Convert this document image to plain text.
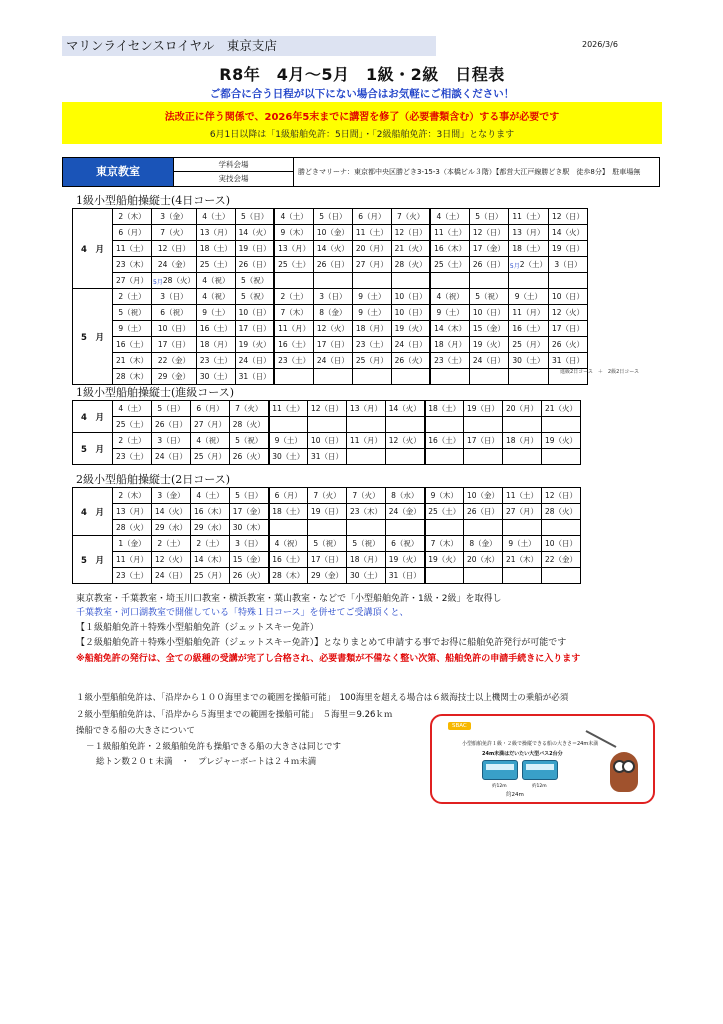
マリンライセンスロイヤル　東京支店	2026/3/6
R8年　4月～5月　1級・2級　日程表
ご都合に合う日程が以下にない場合はお気軽にご相談ください！
法改正に伴う関係で、2026年5末までに講習を修了（必要書類含む）する事が必要です
6月1日以降は「1級船舶免許：5日間」・「2級船舶免許：3日間」となります
東京教室
学科会場
実技会場
勝どきマリーナ：東京都中央区勝どき3-15-3（本橋ビル３階）【都営大江戸線勝どき駅　徒歩8分】　駐車場無
1級小型船舶操縦士(4日コース)
4　月	2（木）	3（金）	4（土）	5（日）	4（土）	5（日）	6（月）	7（火）	4（土）	5（日）	11（土）	12（日）
	6（月）	7（火）	13（月）	14（火）	9（木）	10（金）	11（土）	12（日）	11（土）	12（日）	13（月）	14（火）
	11（土）	12（日）	18（土）	19（日）	13（月）	14（火）	20（月）	21（火）	16（木）	17（金）	18（土）	19（日）
	23（木）	24（金）	25（土）	26（日）	25（土）	26（日）	27（月）	28（火）	25（土）	26（日）	5月2（土）	3（日）
	27（月）	5月28（火）	4（祝）	5（祝）								
5　月	2（土）	3（日）	4（祝）	5（祝）	2（土）	3（日）	9（土）	10（日）	4（祝）	5（祝）	9（土）	10（日）
	5（祝）	6（祝）	9（土）	10（日）	7（木）	8（金）	9（土）	10（日）	9（土）	10（日）	11（月）	12（火）
	9（土）	10（日）	16（土）	17（日）	11（月）	12（火）	18（月）	19（火）	14（木）	15（金）	16（土）	17（日）
	16（土）	17（日）	18（月）	19（火）	16（土）	17（日）	23（土）	24（日）	18（月）	19（火）	25（月）	26（火）
	21（木）	22（金）	23（土）	24（日）	23（土）	24（日）	25（月）	26（火）	23（土）	24（日）	30（土）	31（日）
	28（木）	29（金）	30（土）	31（日）								
1級小型船舶操縦士(進級コース)
4　月	4（土）	5（日）	6（月）	7（火）	11（土）	12（日）	13（月）	14（火）	18（土）	19（日）	20（月）	21（火）
	25（土）	26（日）	27（月）	28（火）								
5　月	2（土）	3（日）	4（祝）	5（祝）	9（土）	10（日）	11（月）	12（火）	16（土）	17（日）	18（月）	19（火）
	23（土）	24（日）	25（月）	26（火）	30（土）	31（日）						
2級小型船舶操縦士(2日コース)
4　月	2（木）	3（金）	4（土）	5（日）	6（月）	7（火）	7（火）	8（水）	9（木）	10（金）	11（土）	12（日）
	13（月）	14（火）	16（木）	17（金）	18（土）	19（日）	23（木）	24（金）	25（土）	26（日）	27（月）	28（火）
	28（火）	29（水）	29（水）	30（木）								
5　月	1（金）	2（土）	2（土）	3（日）	4（祝）	5（祝）	5（祝）	6（祝）	7（木）	8（金）	9（土）	10（日）
	11（月）	12（火）	14（木）	15（金）	16（土）	17（日）	18（月）	19（火）	19（火）	20（水）	21（木）	22（金）
	23（土）	24（日）	25（月）	26（火）	28（木）	29（金）	30（土）	31（日）				
進級2日コース　＋　2級2日コース
東京教室・千葉教室・埼玉川口教室・横浜教室・葉山教室・などで「小型船舶免許・1級・2級」を取得し
千葉教室・河口湖教室で開催している「特殊１日コース」を併せてご受講頂くと、
【１級船舶免許＋特殊小型船舶免許（ジェットスキー免許）
【２級船舶免許＋特殊小型船舶免許（ジェットスキー免許）】となりまとめて申請する事でお得に船舶免許発行が可能です
※船舶免許の発行は、全ての級種の受講が完了し合格され、必要書類が不備なく整い次第、船舶免許の申請手続きに入ります
１級小型船舶免許は、「沿岸から１００海里までの範囲を操船可能」　100海里を超える場合は６級海技士以上機関士の乗船が必須
２級小型船舶免許は、「沿岸から５海里までの範囲を操船可能」　５海里＝9.26ｋｍ
操船できる船の大きさについて
－１級船舶免許・２級船舶免許も操船できる船の大きさは同じです
総トン数２０ｔ未満　・　プレジャーボートは２４ｍ未満
SBAC
小型船舶免許１級・２級で操縦できる船の大きさ＝24m未満
24m未満はだいたい大型バス2台分
約12m	約12m
約24m
